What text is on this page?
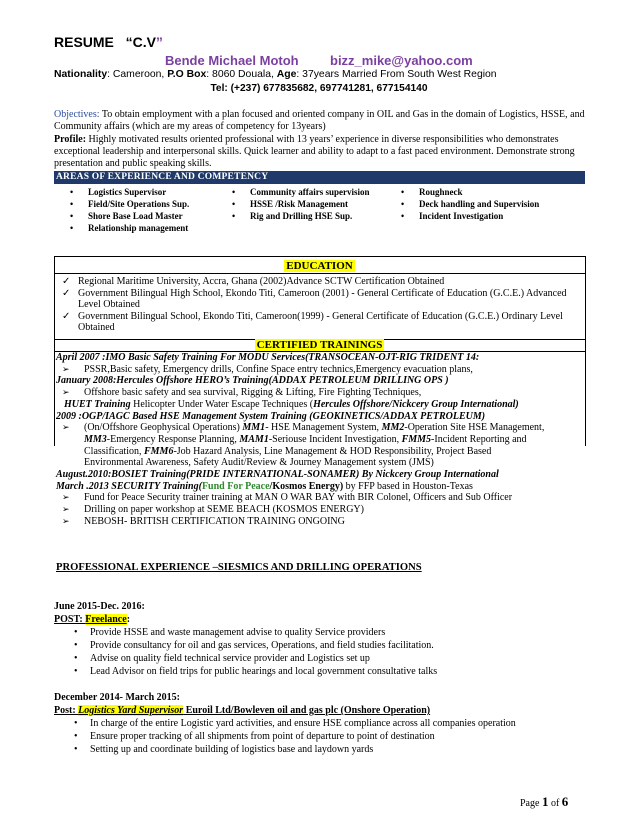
RESUME “C.V”
Bende Michael Motoh bizz_mike@yahoo.com
Nationality: Cameroon, P.O Box: 8060 Douala, Age: 37years Married From South West Region
Tel: (+237) 677835682, 697741281, 677154140
Objectives: To obtain employment with a plan focused and oriented company in OIL and Gas in the domain of Logistics, HSSE, and Community affairs (which are my areas of competency for 13years)
Profile: Highly motivated results oriented professional with 13 years’ experience in diverse responsibilities who demonstrates exceptional leadership and interpersonal skills. Quick learner and ability to adapt to a fast paced environment. Demonstrate strong presentation and public speaking skills.
AREAS OF EXPERIENCE AND COMPETENCY
• Logistics Supervisor
• Field/Site Operations Sup.
• Shore Base Load Master
• Relationship management
• Community affairs supervision
• HSSE /Risk Management
• Rig and Drilling HSE Sup.
• Roughneck
• Deck handling and Supervision
• Incident Investigation
EDUCATION
✓ Regional Maritime University, Accra, Ghana (2002)Advance SCTW Certification Obtained
✓ Government Bilingual High School, Ekondo Titi, Cameroon (2001) - General Certificate of Education (G.C.E.) Advanced Level Obtained
✓ Government Bilingual School, Ekondo Titi, Cameroon(1999) - General Certificate of Education (G.C.E.) Ordinary Level Obtained
CERTIFIED TRAININGS
April 2007 :IMO Basic Safety Training For MODU Services(TRANSOCEAN-OJT-RIG TRIDENT 14:
➢ PSSR,Basic safety, Emergency drills, Confine Space entry technics,Emergency evacuation plans,
January 2008:Hercules Offshore HERO’s Training(ADDAX PETROLEUM DRILLING OPS )
➢ Offshore basic safety and sea survival, Rigging & Lifting, Fire Fighting Techniques,
HUET Training Helicopter Under Water Escape Techniques (Hercules Offshore/Nickcery Group International)
2009 :OGP/IAGC Based HSE Management System Training (GEOKINETICS/ADDAX PETROLEUM)
➢ (On/Offshore Geophysical Operations) MM1- HSE Management System, MM2-Operation Site HSE Management,
MM3-Emergency Response Planning, MAM1-Seriouse Incident Investigation, FMM5-Incident Reporting and
Classification, FMM6-Job Hazard Analysis, Line Management & HOD Responsibility, Project Based
Environmental Awareness, Safety Audit/Review & Journey Management system (JMS)
August.2010:BOSIET Training(PRIDE INTERNATIONAL-SONAMER) By Nickcery Group International
March .2013 SECURITY Training(Fund For Peace/Kosmos Energy) by FFP based in Houston-Texas
➢ Fund for Peace Security trainer training at MAN O WAR BAY with BIR Colonel, Officers and Sub Officer
➢ Drilling on paper workshop at SEME BEACH (KOSMOS ENERGY)
➢ NEBOSH- BRITISH CERTIFICATION TRAINING ONGOING
PROFESSIONAL EXPERIENCE –SIESMICS AND DRILLING OPERATIONS
June 2015-Dec. 2016:
POST: Freelance:
• Provide HSSE and waste management advise to quality Service providers
• Provide consultancy for oil and gas services, Operations, and field studies facilitation.
• Advise on quality field technical service provider and Logistics set up
• Lead Advisor on field trips for public hearings and local government consultative talks
December 2014- March 2015:
Post: Logistics Yard Supervisor Euroil Ltd/Bowleven oil and gas plc (Onshore Operation)
• In charge of the entire Logistic yard activities, and ensure HSE compliance across all companies operation
• Ensure proper tracking of all shipments from point of departure to point of destination
• Setting up and coordinate building of logistics base and laydown yards
Page 1 of 6
